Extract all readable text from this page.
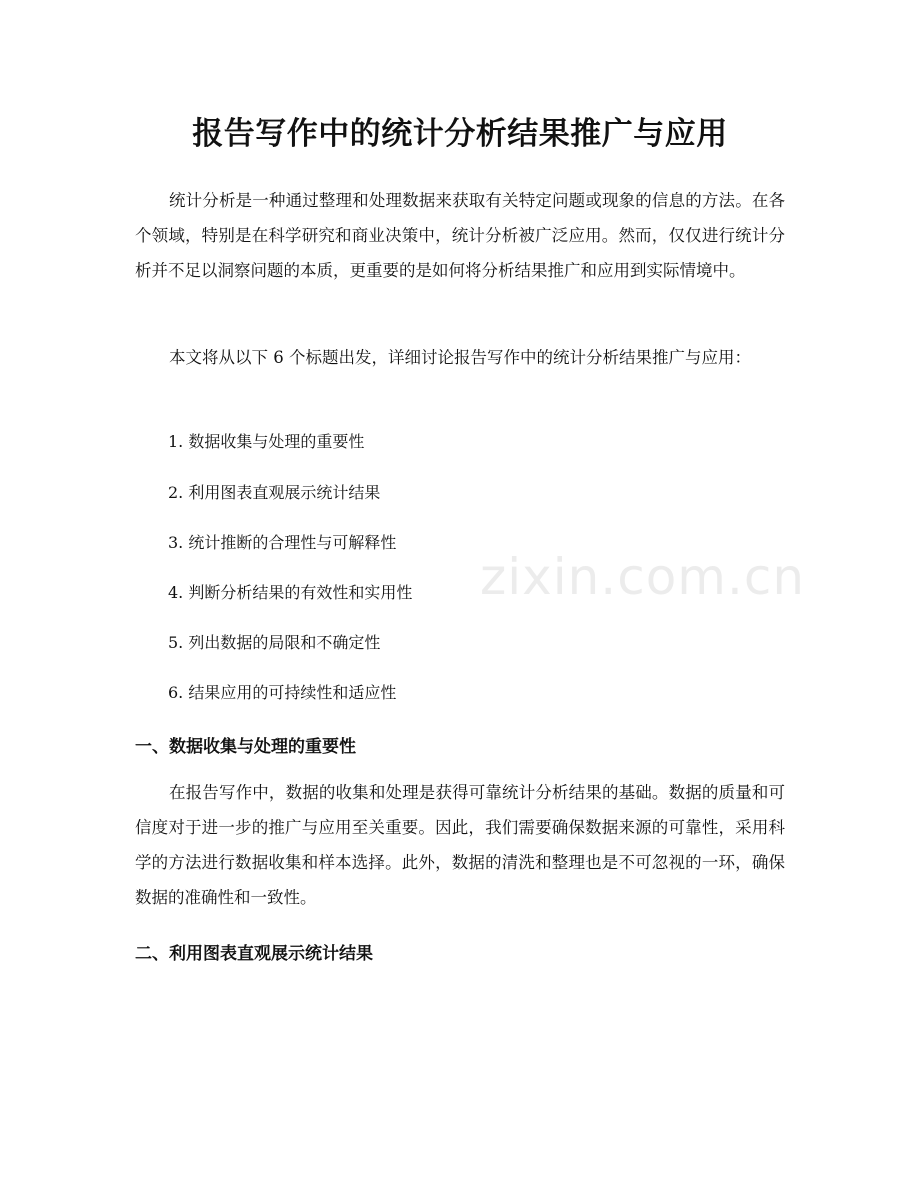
报告写作中的统计分析结果推广与应用

统计分析是一种通过整理和处理数据来获取有关特定问题或现象的信息的方法。在各个领域，特别是在科学研究和商业决策中，统计分析被广泛应用。然而，仅仅进行统计分析并不足以洞察问题的本质，更重要的是如何将分析结果推广和应用到实际情境中。

本文将从以下 6 个标题出发，详细讨论报告写作中的统计分析结果推广与应用：

1. 数据收集与处理的重要性

2. 利用图表直观展示统计结果

3. 统计推断的合理性与可解释性

4. 判断分析结果的有效性和实用性

5. 列出数据的局限和不确定性

6. 结果应用的可持续性和适应性

一、数据收集与处理的重要性

在报告写作中，数据的收集和处理是获得可靠统计分析结果的基础。数据的质量和可信度对于进一步的推广与应用至关重要。因此，我们需要确保数据来源的可靠性，采用科学的方法进行数据收集和样本选择。此外，数据的清洗和整理也是不可忽视的一环，确保数据的准确性和一致性。

二、利用图表直观展示统计结果
zixin.com.cn
